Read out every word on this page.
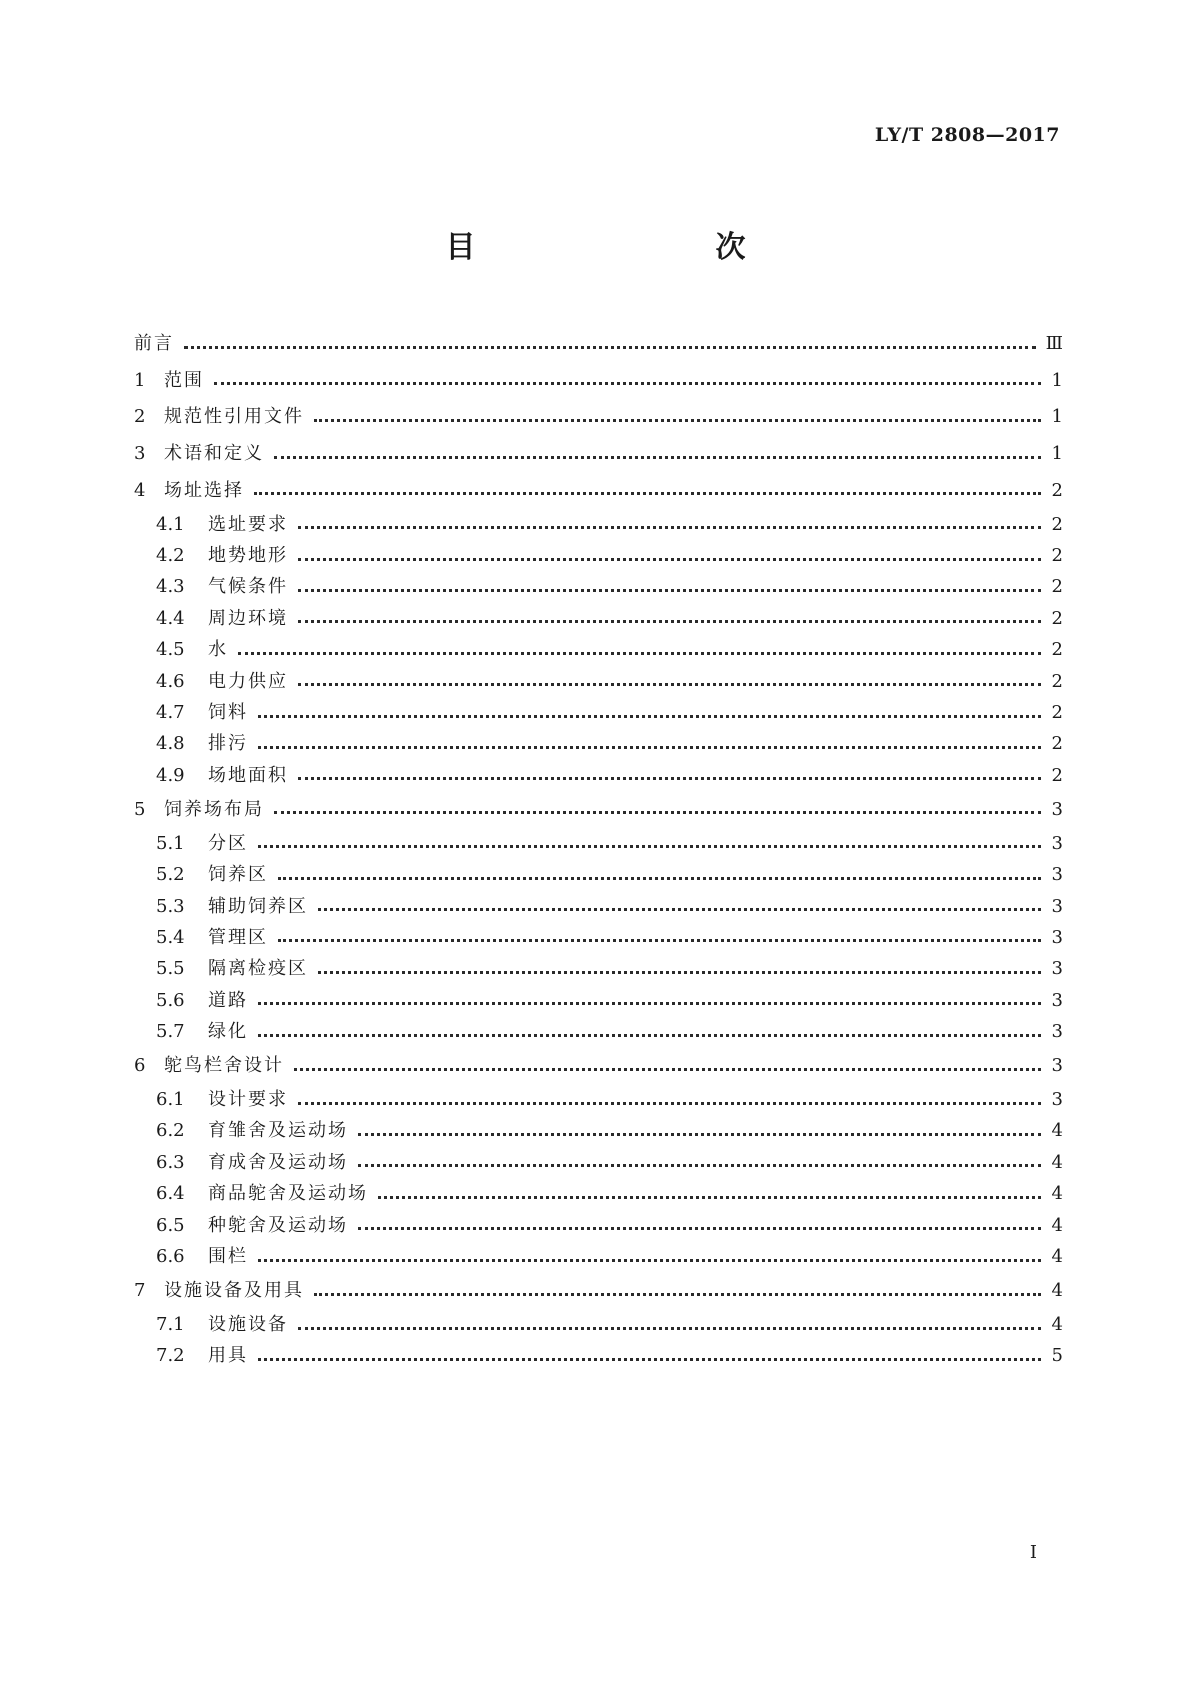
LY/T 2808—2017
目　　次
前言	Ⅲ
1	范围	1
2	规范性引用文件	1
3	术语和定义	1
4	场址选择	2
4.1	选址要求	2
4.2	地势地形	2
4.3	气候条件	2
4.4	周边环境	2
4.5	水	2
4.6	电力供应	2
4.7	饲料	2
4.8	排污	2
4.9	场地面积	2
5	饲养场布局	3
5.1	分区	3
5.2	饲养区	3
5.3	辅助饲养区	3
5.4	管理区	3
5.5	隔离检疫区	3
5.6	道路	3
5.7	绿化	3
6	鸵鸟栏舍设计	3
6.1	设计要求	3
6.2	育雏舍及运动场	4
6.3	育成舍及运动场	4
6.4	商品鸵舍及运动场	4
6.5	种鸵舍及运动场	4
6.6	围栏	4
7	设施设备及用具	4
7.1	设施设备	4
7.2	用具	5
I
